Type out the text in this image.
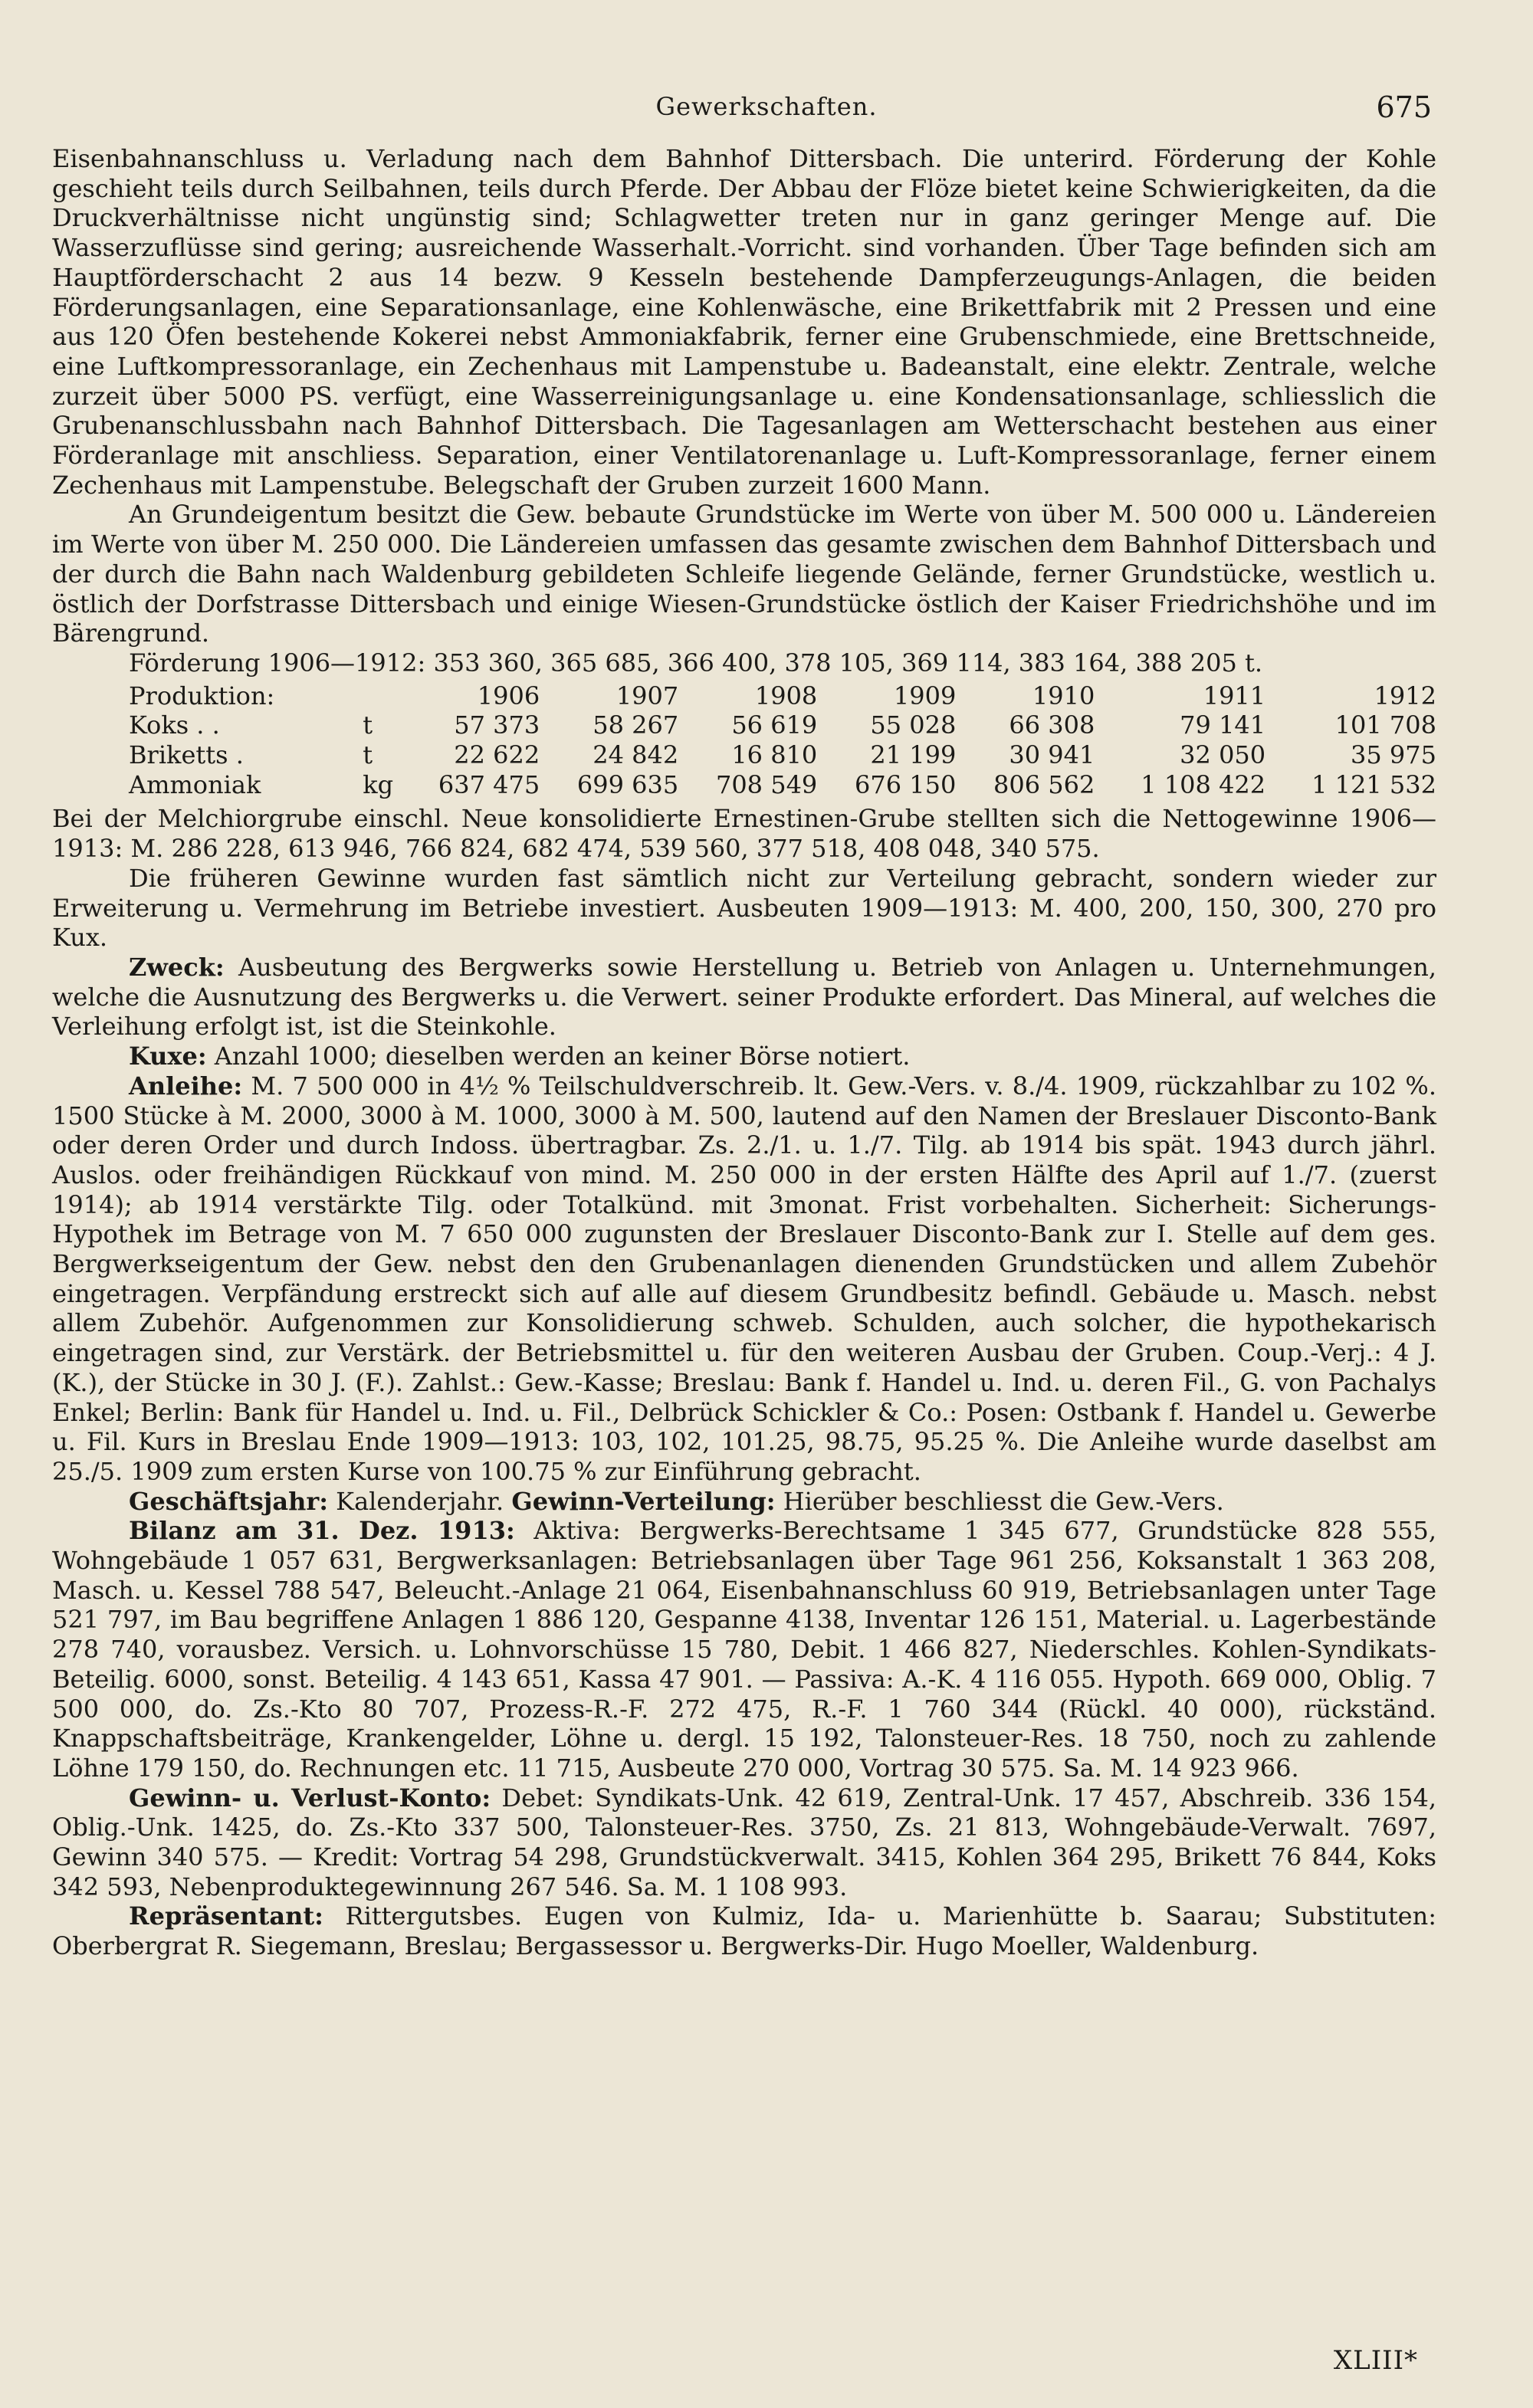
Gewerkschaften.	675

Eisenbahnanschluss u. Verladung nach dem Bahnhof Dittersbach. Die unterird. Förderung der Kohle geschieht teils durch Seilbahnen, teils durch Pferde. Der Abbau der Flöze bietet keine Schwierigkeiten, da die Druckverhältnisse nicht ungünstig sind; Schlagwetter treten nur in ganz geringer Menge auf. Die Wasserzuflüsse sind gering; ausreichende Wasserhalt.-Vorricht. sind vorhanden. Über Tage befinden sich am Hauptförderschacht 2 aus 14 bezw. 9 Kesseln bestehende Dampferzeugungs-Anlagen, die beiden Förderungsanlagen, eine Separationsanlage, eine Kohlenwäsche, eine Brikettfabrik mit 2 Pressen und eine aus 120 Öfen bestehende Kokerei nebst Ammoniakfabrik, ferner eine Grubenschmiede, eine Brettschneide, eine Luftkompressoranlage, ein Zechenhaus mit Lampenstube u. Badeanstalt, eine elektr. Zentrale, welche zurzeit über 5000 PS. verfügt, eine Wasserreinigungsanlage u. eine Kondensationsanlage, schliesslich die Grubenanschlussbahn nach Bahnhof Dittersbach. Die Tagesanlagen am Wetterschacht bestehen aus einer Förderanlage mit anschliess. Separation, einer Ventilatorenanlage u. Luft-Kompressoranlage, ferner einem Zechenhaus mit Lampenstube. Belegschaft der Gruben zurzeit 1600 Mann.

An Grundeigentum besitzt die Gew. bebaute Grundstücke im Werte von über M. 500 000 u. Ländereien im Werte von über M. 250 000. Die Ländereien umfassen das gesamte zwischen dem Bahnhof Dittersbach und der durch die Bahn nach Waldenburg gebildeten Schleife liegende Gelände, ferner Grundstücke, westlich u. östlich der Dorfstrasse Dittersbach und einige Wiesen-Grundstücke östlich der Kaiser Friedrichshöhe und im Bärengrund.

Förderung 1906—1912: 353 360, 365 685, 366 400, 378 105, 369 114, 383 164, 388 205 t.

Produktion:		1906	1907	1908	1909	1910	1911	1912
Koks . .	t	57 373	58 267	56 619	55 028	66 308	79 141	101 708
Briketts .	t	22 622	24 842	16 810	21 199	30 941	32 050	35 975
Ammoniak	kg	637 475	699 635	708 549	676 150	806 562	1 108 422	1 121 532

Bei der Melchiorgrube einschl. Neue konsolidierte Ernestinen-Grube stellten sich die Nettogewinne 1906—1913: M. 286 228, 613 946, 766 824, 682 474, 539 560, 377 518, 408 048, 340 575.

Die früheren Gewinne wurden fast sämtlich nicht zur Verteilung gebracht, sondern wieder zur Erweiterung u. Vermehrung im Betriebe investiert. Ausbeuten 1909—1913: M. 400, 200, 150, 300, 270 pro Kux.

Zweck: Ausbeutung des Bergwerks sowie Herstellung u. Betrieb von Anlagen u. Unternehmungen, welche die Ausnutzung des Bergwerks u. die Verwert. seiner Produkte erfordert. Das Mineral, auf welches die Verleihung erfolgt ist, ist die Steinkohle.

Kuxe: Anzahl 1000; dieselben werden an keiner Börse notiert.

Anleihe: M. 7 500 000 in 4½ % Teilschuldverschreib. lt. Gew.-Vers. v. 8./4. 1909, rückzahlbar zu 102 %. 1500 Stücke à M. 2000, 3000 à M. 1000, 3000 à M. 500, lautend auf den Namen der Breslauer Disconto-Bank oder deren Order und durch Indoss. übertragbar. Zs. 2./1. u. 1./7. Tilg. ab 1914 bis spät. 1943 durch jährl. Auslos. oder freihändigen Rückkauf von mind. M. 250 000 in der ersten Hälfte des April auf 1./7. (zuerst 1914); ab 1914 verstärkte Tilg. oder Totalkünd. mit 3monat. Frist vorbehalten. Sicherheit: Sicherungs-Hypothek im Betrage von M. 7 650 000 zugunsten der Breslauer Disconto-Bank zur I. Stelle auf dem ges. Bergwerkseigentum der Gew. nebst den den Grubenanlagen dienenden Grundstücken und allem Zubehör eingetragen. Verpfändung erstreckt sich auf alle auf diesem Grundbesitz befindl. Gebäude u. Masch. nebst allem Zubehör. Aufgenommen zur Konsolidierung schweb. Schulden, auch solcher, die hypothekarisch eingetragen sind, zur Verstärk. der Betriebsmittel u. für den weiteren Ausbau der Gruben. Coup.-Verj.: 4 J. (K.), der Stücke in 30 J. (F.). Zahlst.: Gew.-Kasse; Breslau: Bank f. Handel u. Ind. u. deren Fil., G. von Pachalys Enkel; Berlin: Bank für Handel u. Ind. u. Fil., Delbrück Schickler & Co.: Posen: Ostbank f. Handel u. Gewerbe u. Fil. Kurs in Breslau Ende 1909—1913: 103, 102, 101.25, 98.75, 95.25 %. Die Anleihe wurde daselbst am 25./5. 1909 zum ersten Kurse von 100.75 % zur Einführung gebracht.

Geschäftsjahr: Kalenderjahr. Gewinn-Verteilung: Hierüber beschliesst die Gew.-Vers.

Bilanz am 31. Dez. 1913: Aktiva: Bergwerks-Berechtsame 1 345 677, Grundstücke 828 555, Wohngebäude 1 057 631, Bergwerksanlagen: Betriebsanlagen über Tage 961 256, Koksanstalt 1 363 208, Masch. u. Kessel 788 547, Beleucht.-Anlage 21 064, Eisenbahnanschluss 60 919, Betriebsanlagen unter Tage 521 797, im Bau begriffene Anlagen 1 886 120, Gespanne 4138, Inventar 126 151, Material. u. Lagerbestände 278 740, vorausbez. Versich. u. Lohnvorschüsse 15 780, Debit. 1 466 827, Niederschles. Kohlen-Syndikats-Beteilig. 6000, sonst. Beteilig. 4 143 651, Kassa 47 901. — Passiva: A.-K. 4 116 055. Hypoth. 669 000, Oblig. 7 500 000, do. Zs.-Kto 80 707, Prozess-R.-F. 272 475, R.-F. 1 760 344 (Rückl. 40 000), rückständ. Knappschaftsbeiträge, Krankengelder, Löhne u. dergl. 15 192, Talonsteuer-Res. 18 750, noch zu zahlende Löhne 179 150, do. Rechnungen etc. 11 715, Ausbeute 270 000, Vortrag 30 575. Sa. M. 14 923 966.

Gewinn- u. Verlust-Konto: Debet: Syndikats-Unk. 42 619, Zentral-Unk. 17 457, Abschreib. 336 154, Oblig.-Unk. 1425, do. Zs.-Kto 337 500, Talonsteuer-Res. 3750, Zs. 21 813, Wohngebäude-Verwalt. 7697, Gewinn 340 575. — Kredit: Vortrag 54 298, Grundstückverwalt. 3415, Kohlen 364 295, Brikett 76 844, Koks 342 593, Nebenproduktegewinnung 267 546. Sa. M. 1 108 993.

Repräsentant: Rittergutsbes. Eugen von Kulmiz, Ida- u. Marienhütte b. Saarau; Substituten: Oberbergrat R. Siegemann, Breslau; Bergassessor u. Bergwerks-Dir. Hugo Moeller, Waldenburg.

XLIII*
